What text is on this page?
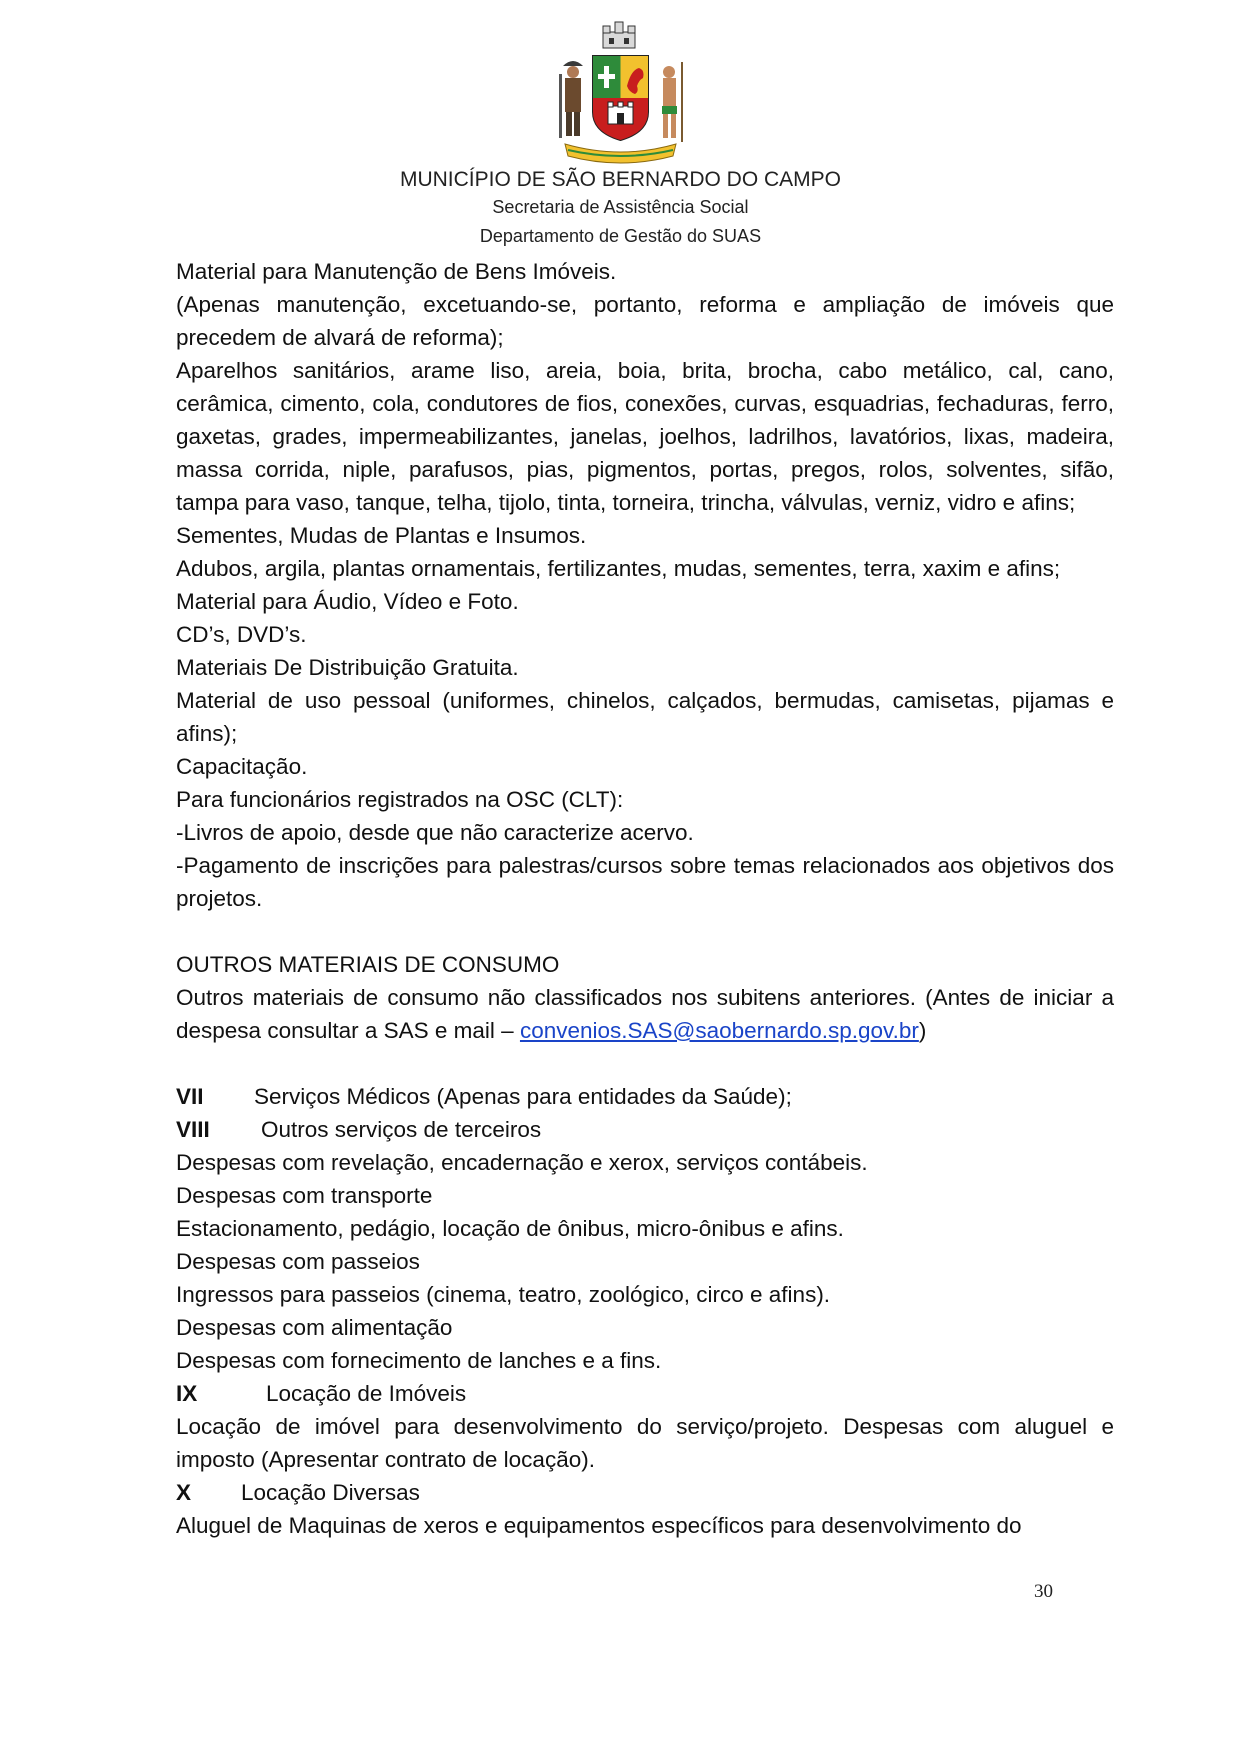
MUNICÍPIO DE SÃO BERNARDO DO CAMPO
Secretaria de Assistência Social
Departamento de Gestão do SUAS

Material para Manutenção de Bens Imóveis.

(Apenas manutenção, excetuando-se, portanto, reforma e ampliação de imóveis que precedem de alvará de reforma);

Aparelhos sanitários, arame liso, areia, boia, brita, brocha, cabo metálico, cal, cano, cerâmica, cimento, cola, condutores de fios, conexões, curvas, esquadrias, fechaduras, ferro, gaxetas, grades, impermeabilizantes, janelas, joelhos, ladrilhos, lavatórios, lixas, madeira, massa corrida, niple, parafusos, pias, pigmentos, portas, pregos, rolos, solventes, sifão, tampa para vaso, tanque, telha, tijolo, tinta, torneira, trincha, válvulas, verniz, vidro e afins;

Sementes, Mudas de Plantas e Insumos.

Adubos, argila, plantas ornamentais, fertilizantes, mudas, sementes, terra, xaxim e afins;

Material para Áudio, Vídeo e Foto.

CD’s, DVD’s.

Materiais De Distribuição Gratuita.

Material de uso pessoal (uniformes, chinelos, calçados, bermudas, camisetas, pijamas e afins);

Capacitação.

Para funcionários registrados na OSC (CLT):

-Livros de apoio, desde que não caracterize acervo.

-Pagamento de inscrições para palestras/cursos sobre temas relacionados aos objetivos dos projetos.

OUTROS MATERIAIS DE CONSUMO

Outros materiais de consumo não classificados nos subitens anteriores. (Antes de iniciar a despesa consultar a SAS e mail – convenios.SAS@saobernardo.sp.gov.br)

VII Serviços Médicos (Apenas para entidades da Saúde);

VIII Outros serviços de terceiros

Despesas com revelação, encadernação e xerox, serviços contábeis.

Despesas com transporte

Estacionamento, pedágio, locação de ônibus, micro-ônibus e afins.

Despesas com passeios

Ingressos para passeios (cinema, teatro, zoológico, circo e afins).

Despesas com alimentação

Despesas com fornecimento de lanches e a fins.

IX	Locação de Imóveis

Locação de imóvel para desenvolvimento do serviço/projeto. Despesas com aluguel e imposto (Apresentar contrato de locação).

X Locação Diversas

Aluguel de Maquinas de xeros e equipamentos específicos para desenvolvimento do

30
